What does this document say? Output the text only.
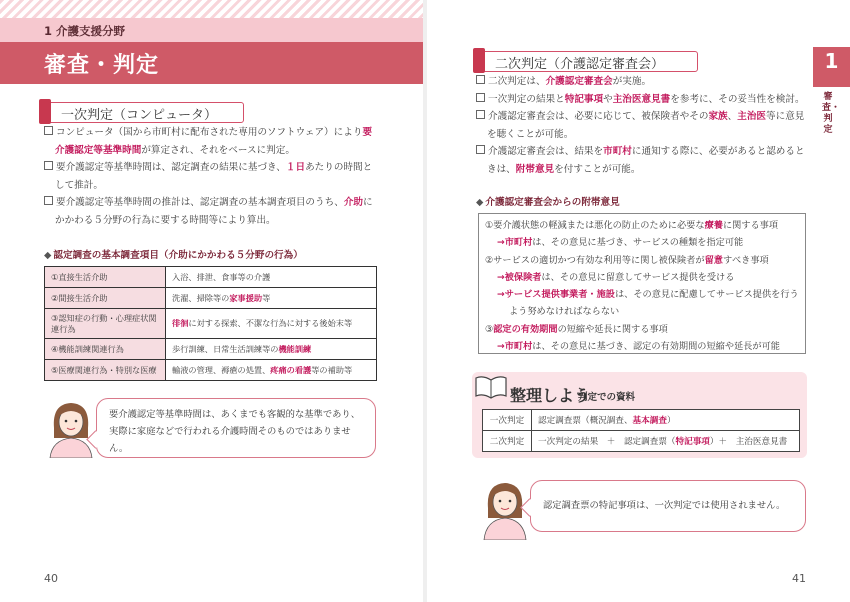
1 介護支援分野
審査・判定
一次判定（コンピュータ）
コンピュータ（国から市町村に配布された専用のソフトウェア）により要介護認定等基準時間が算定され、それをベースに判定。
要介護認定等基準時間は、認定調査の結果に基づき、１日あたりの時間として推計。
要介護認定等基準時間の推計は、認定調査の基本調査項目のうち、介助にかかわる５分野の行為に要する時間等により算出。
◆ 認定調査の基本調査項目（介助にかかわる５分野の行為）
①直接生活介助	入浴、排泄、食事等の介護
②間接生活介助	洗濯、掃除等の家事援助等
③認知症の行動・心理症状関連行為	徘徊に対する探索、不潔な行為に対する後始末等
④機能訓練関連行為	歩行訓練、日常生活訓練等の機能訓練
⑤医療関連行為・特別な医療	輸液の管理、褥瘡の処置、疼痛の看護等の補助等
要介護認定等基準時間は、あくまでも客観的な基準であり、実際に家庭などで行われる介護時間そのものではありません。
40
二次判定（介護認定審査会）
二次判定は、介護認定審査会が実施。
一次判定の結果と特記事項や主治医意見書を参考に、その妥当性を検討。
介護認定審査会は、必要に応じて、被保険者やその家族、主治医等に意見を聴くことが可能。
介護認定審査会は、結果を市町村に通知する際に、必要があると認めるときは、附帯意見を付すことが可能。
◆ 介護認定審査会からの附帯意見
①要介護状態の軽減または悪化の防止のために必要な療養に関する事項
→市町村は、その意見に基づき、サービスの種類を指定可能
②サービスの適切かつ有効な利用等に関し被保険者が留意すべき事項
→被保険者は、その意見に留意してサービス提供を受ける
→サービス提供事業者・施設は、その意見に配慮してサービス提供を行うよう努めなければならない
③認定の有効期間の短縮や延長に関する事項
→市町村は、その意見に基づき、認定の有効期間の短縮や延長が可能
整理しよう
判定での資料
一次判定	認定調査票（概況調査、基本調査）
二次判定	一次判定の結果　＋　認定調査票（特記事項）＋　主治医意見書
認定調査票の特記事項は、一次判定では使用されません。
1
審査・判定
41
